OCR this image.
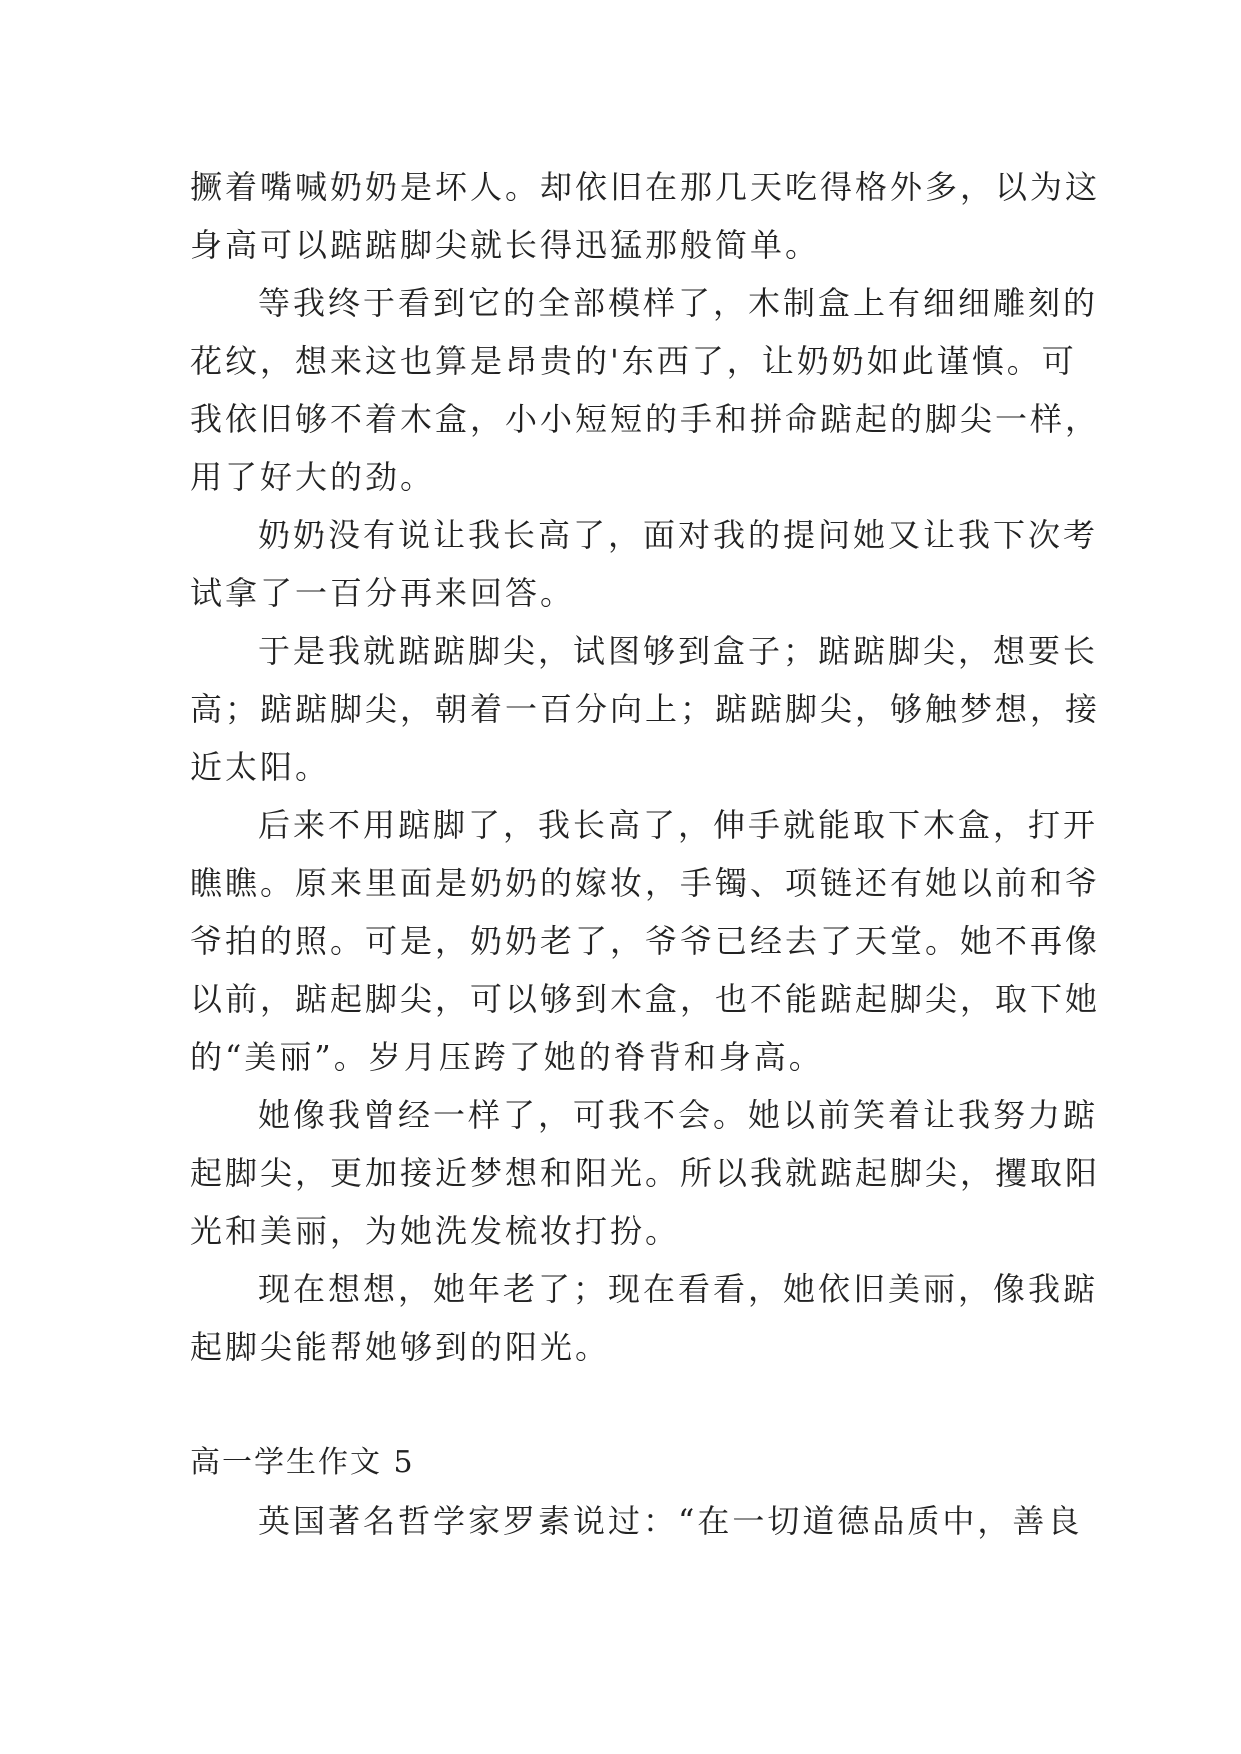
撅着嘴喊奶奶是坏人。却依旧在那几天吃得格外多，以为这
身高可以踮踮脚尖就长得迅猛那般简单。

等我终于看到它的全部模样了，木制盒上有细细雕刻的
花纹，想来这也算是昂贵的'东西了，让奶奶如此谨慎。可
我依旧够不着木盒，小小短短的手和拼命踮起的脚尖一样，
用了好大的劲。

奶奶没有说让我长高了，面对我的提问她又让我下次考
试拿了一百分再来回答。

于是我就踮踮脚尖，试图够到盒子；踮踮脚尖，想要长
高；踮踮脚尖，朝着一百分向上；踮踮脚尖，够触梦想，接
近太阳。

后来不用踮脚了，我长高了，伸手就能取下木盒，打开
瞧瞧。原来里面是奶奶的嫁妆，手镯、项链还有她以前和爷
爷拍的照。可是，奶奶老了，爷爷已经去了天堂。她不再像
以前，踮起脚尖，可以够到木盒，也不能踮起脚尖，取下她
的“美丽”。岁月压跨了她的脊背和身高。

她像我曾经一样了，可我不会。她以前笑着让我努力踮
起脚尖，更加接近梦想和阳光。所以我就踮起脚尖，攫取阳
光和美丽，为她洗发梳妆打扮。

现在想想，她年老了；现在看看，她依旧美丽，像我踮
起脚尖能帮她够到的阳光。

高一学生作文 5

英国著名哲学家罗素说过：“在一切道德品质中，善良
